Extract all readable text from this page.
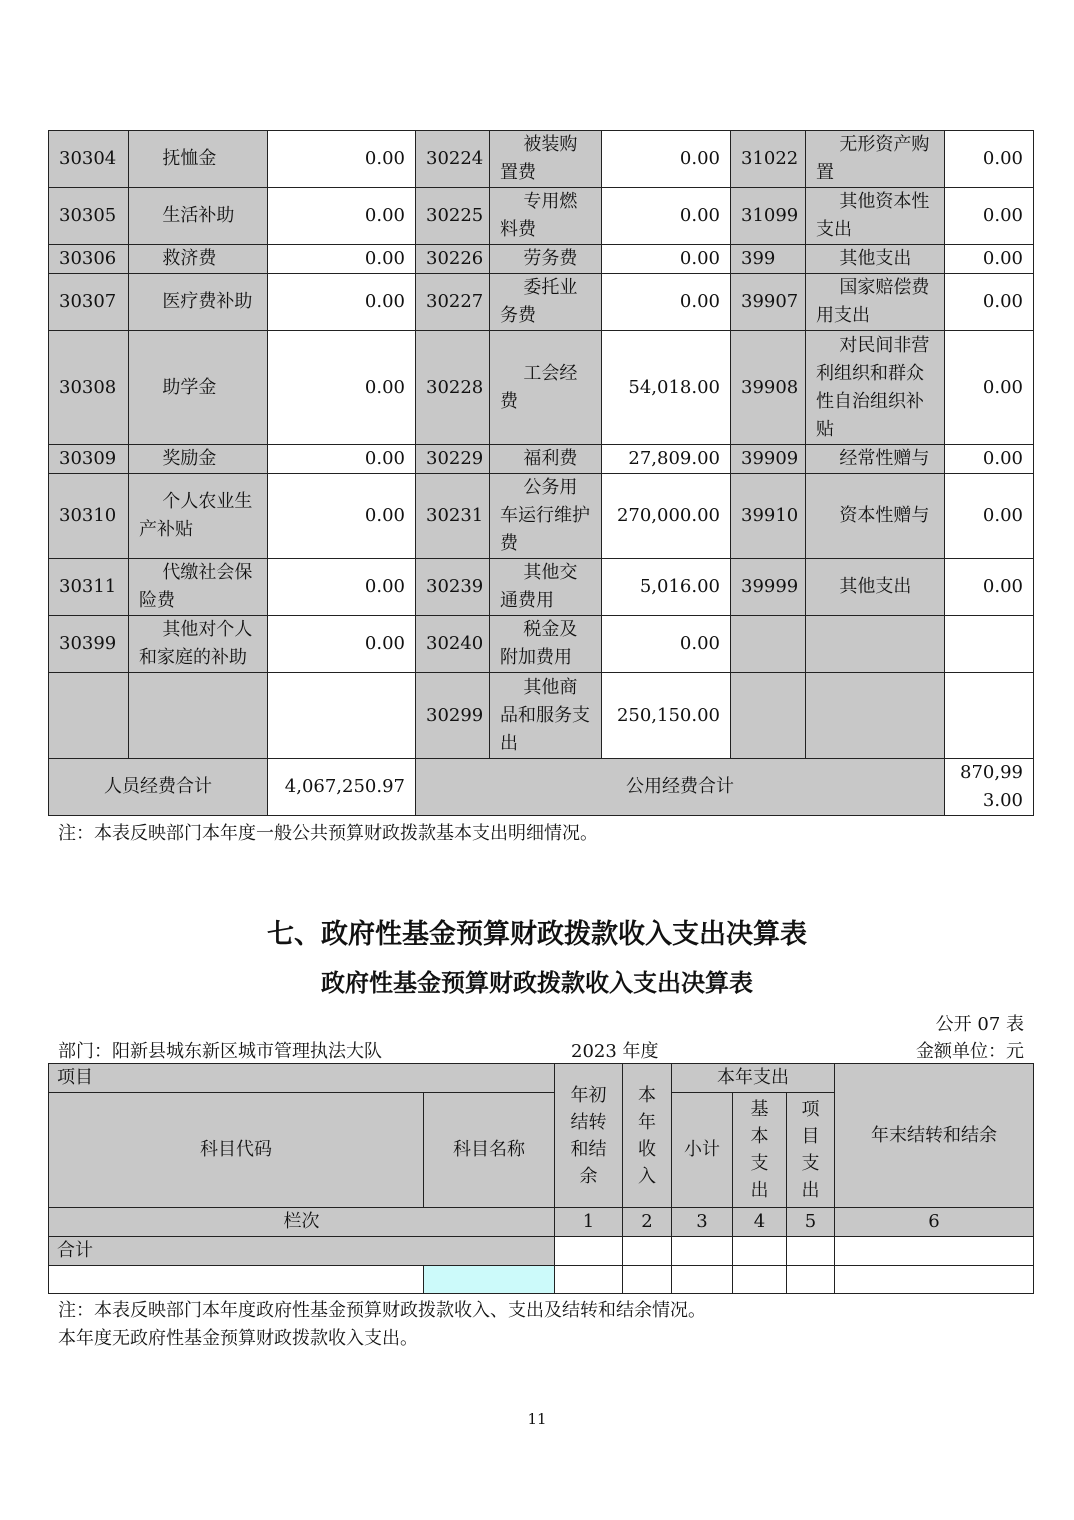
30304	抚恤金	0.00	30224	被装购置费	0.00	31022	无形资产购置	0.00
30305	生活补助	0.00	30225	专用燃料费	0.00	31099	其他资本性支出	0.00
30306	救济费	0.00	30226	劳务费	0.00	399	其他支出	0.00
30307	医疗费补助	0.00	30227	委托业务费	0.00	39907	国家赔偿费用支出	0.00
30308	助学金	0.00	30228	工会经费	54,018.00	39908	对民间非营利组织和群众性自治组织补贴	0.00
30309	奖励金	0.00	30229	福利费	27,809.00	39909	经常性赠与	0.00
30310	个人农业生产补贴	0.00	30231	公务用车运行维护费	270,000.00	39910	资本性赠与	0.00
30311	代缴社会保险费	0.00	30239	其他交通费用	5,016.00	39999	其他支出	0.00
30399	其他对个人和家庭的补助	0.00	30240	税金及附加费用	0.00			
			30299	其他商品和服务支出	250,150.00			
人员经费合计		4,067,250.97	公用经费合计					870,993.00
注：本表反映部门本年度一般公共预算财政拨款基本支出明细情况。
七、政府性基金预算财政拨款收入支出决算表
政府性基金预算财政拨款收入支出决算表
公开 07 表
部门：阳新县城东新区城市管理执法大队	2023 年度	金额单位：元
项目		年初结转和结余	本年收入	本年支出			年末结转和结余
科目代码	科目名称			小计	基本支出	项目支出	

栏次		1	2	3	4	5	6
合计							

注：本表反映部门本年度政府性基金预算财政拨款收入、支出及结转和结余情况。
本年度无政府性基金预算财政拨款收入支出。
11
